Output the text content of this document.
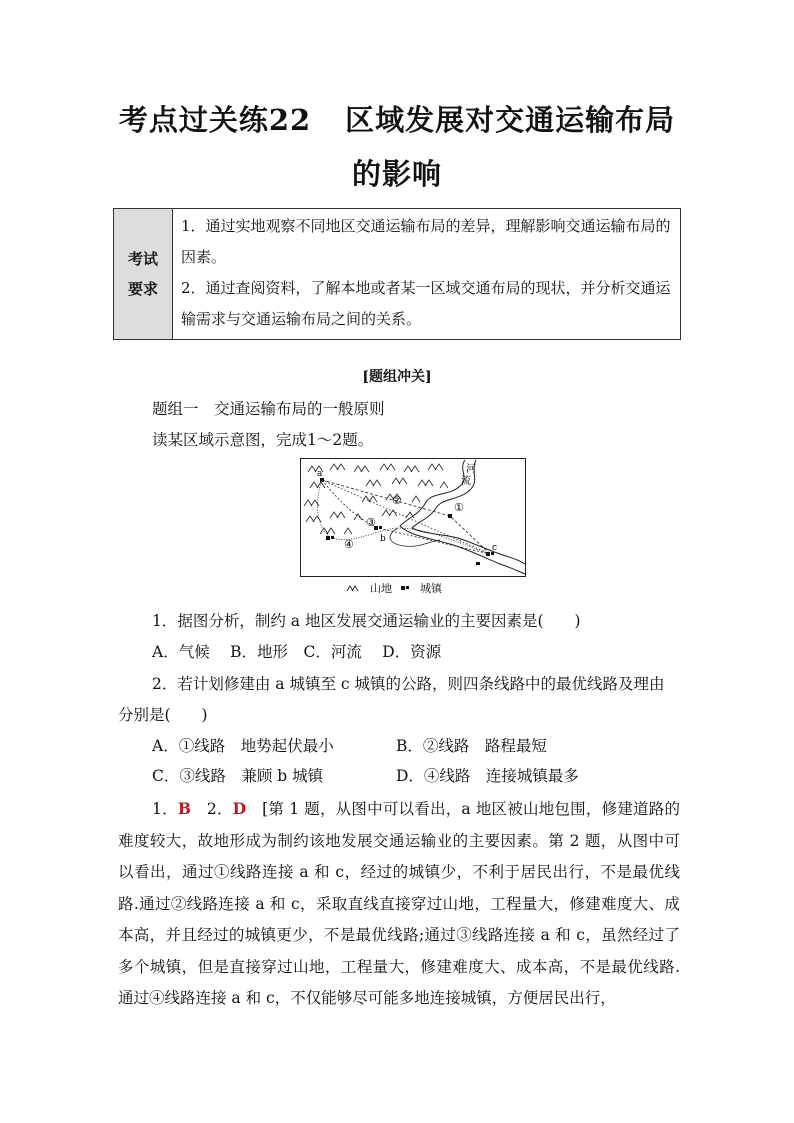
考点过关练22 区域发展对交通运输布局
的影响
考试
要求

1．通过实地观察不同地区交通运输布局的差异，理解影响交通运输布局的因素。
2．通过查阅资料，了解本地或者某一区域交通布局的现状，并分析交通运输需求与交通运输布局之间的关系。
[题组冲关]
题组一　交通运输布局的一般原则
读某区域示意图，完成1～2题。
河
流
a
b
c
①
②
③
④
山地	城镇
1．据图分析，制约 a 地区发展交通运输业的主要因素是(　　)
A．气候　 B．地形　C．河流　 D．资源
2．若计划修建由 a 城镇至 c 城镇的公路，则四条线路中的最优线路及理由
分别是(　　)
A．①线路　地势起伏最小	B．②线路　路程最短
C．③线路　兼顾 b 城镇	D．④线路　连接城镇最多
1．B　2．D　[第 1 题，从图中可以看出，a 地区被山地包围，修建道路的难度较大，故地形成为制约该地发展交通运输业的主要因素。第 2 题，从图中可以看出，通过①线路连接 a 和 c，经过的城镇少，不利于居民出行，不是最优线路.通过②线路连接 a 和 c，采取直线直接穿过山地，工程量大，修建难度大、成本高，并且经过的城镇更少，不是最优线路;通过③线路连接 a 和 c，虽然经过了多个城镇，但是直接穿过山地，工程量大，修建难度大、成本高，不是最优线路.通过④线路连接 a 和 c，不仅能够尽可能多地连接城镇，方便居民出行，
